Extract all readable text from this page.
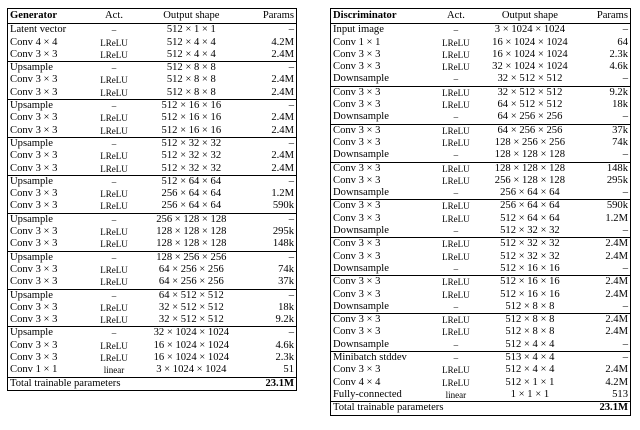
Generator	Act.	Output shape	Params
Latent vector	–	512 × 1 × 1	–
Conv 4 × 4	LReLU	512 × 4 × 4	4.2M
Conv 3 × 3	LReLU	512 × 4 × 4	2.4M
Upsample	–	512 × 8 × 8	–
Conv 3 × 3	LReLU	512 × 8 × 8	2.4M
Conv 3 × 3	LReLU	512 × 8 × 8	2.4M
Upsample	–	512 × 16 × 16	–
Conv 3 × 3	LReLU	512 × 16 × 16	2.4M
Conv 3 × 3	LReLU	512 × 16 × 16	2.4M
Upsample	–	512 × 32 × 32	–
Conv 3 × 3	LReLU	512 × 32 × 32	2.4M
Conv 3 × 3	LReLU	512 × 32 × 32	2.4M
Upsample	–	512 × 64 × 64	–
Conv 3 × 3	LReLU	256 × 64 × 64	1.2M
Conv 3 × 3	LReLU	256 × 64 × 64	590k
Upsample	–	256 × 128 × 128	–
Conv 3 × 3	LReLU	128 × 128 × 128	295k
Conv 3 × 3	LReLU	128 × 128 × 128	148k
Upsample	–	128 × 256 × 256	–
Conv 3 × 3	LReLU	64 × 256 × 256	74k
Conv 3 × 3	LReLU	64 × 256 × 256	37k
Upsample	–	64 × 512 × 512	–
Conv 3 × 3	LReLU	32 × 512 × 512	18k
Conv 3 × 3	LReLU	32 × 512 × 512	9.2k
Upsample	–	32 × 1024 × 1024	–
Conv 3 × 3	LReLU	16 × 1024 × 1024	4.6k
Conv 3 × 3	LReLU	16 × 1024 × 1024	2.3k
Conv 1 × 1	linear	3 × 1024 × 1024	51
Total trainable parameters			23.1M
Discriminator	Act.	Output shape	Params
Input image	–	3 × 1024 × 1024	–
Conv 1 × 1	LReLU	16 × 1024 × 1024	64
Conv 3 × 3	LReLU	16 × 1024 × 1024	2.3k
Conv 3 × 3	LReLU	32 × 1024 × 1024	4.6k
Downsample	–	32 × 512 × 512	–
Conv 3 × 3	LReLU	32 × 512 × 512	9.2k
Conv 3 × 3	LReLU	64 × 512 × 512	18k
Downsample	–	64 × 256 × 256	–
Conv 3 × 3	LReLU	64 × 256 × 256	37k
Conv 3 × 3	LReLU	128 × 256 × 256	74k
Downsample	–	128 × 128 × 128	–
Conv 3 × 3	LReLU	128 × 128 × 128	148k
Conv 3 × 3	LReLU	256 × 128 × 128	295k
Downsample	–	256 × 64 × 64	–
Conv 3 × 3	LReLU	256 × 64 × 64	590k
Conv 3 × 3	LReLU	512 × 64 × 64	1.2M
Downsample	–	512 × 32 × 32	–
Conv 3 × 3	LReLU	512 × 32 × 32	2.4M
Conv 3 × 3	LReLU	512 × 32 × 32	2.4M
Downsample	–	512 × 16 × 16	–
Conv 3 × 3	LReLU	512 × 16 × 16	2.4M
Conv 3 × 3	LReLU	512 × 16 × 16	2.4M
Downsample	–	512 × 8 × 8	–
Conv 3 × 3	LReLU	512 × 8 × 8	2.4M
Conv 3 × 3	LReLU	512 × 8 × 8	2.4M
Downsample	–	512 × 4 × 4	–
Minibatch stddev	–	513 × 4 × 4	–
Conv 3 × 3	LReLU	512 × 4 × 4	2.4M
Conv 4 × 4	LReLU	512 × 1 × 1	4.2M
Fully-connected	linear	1 × 1 × 1	513
Total trainable parameters			23.1M
